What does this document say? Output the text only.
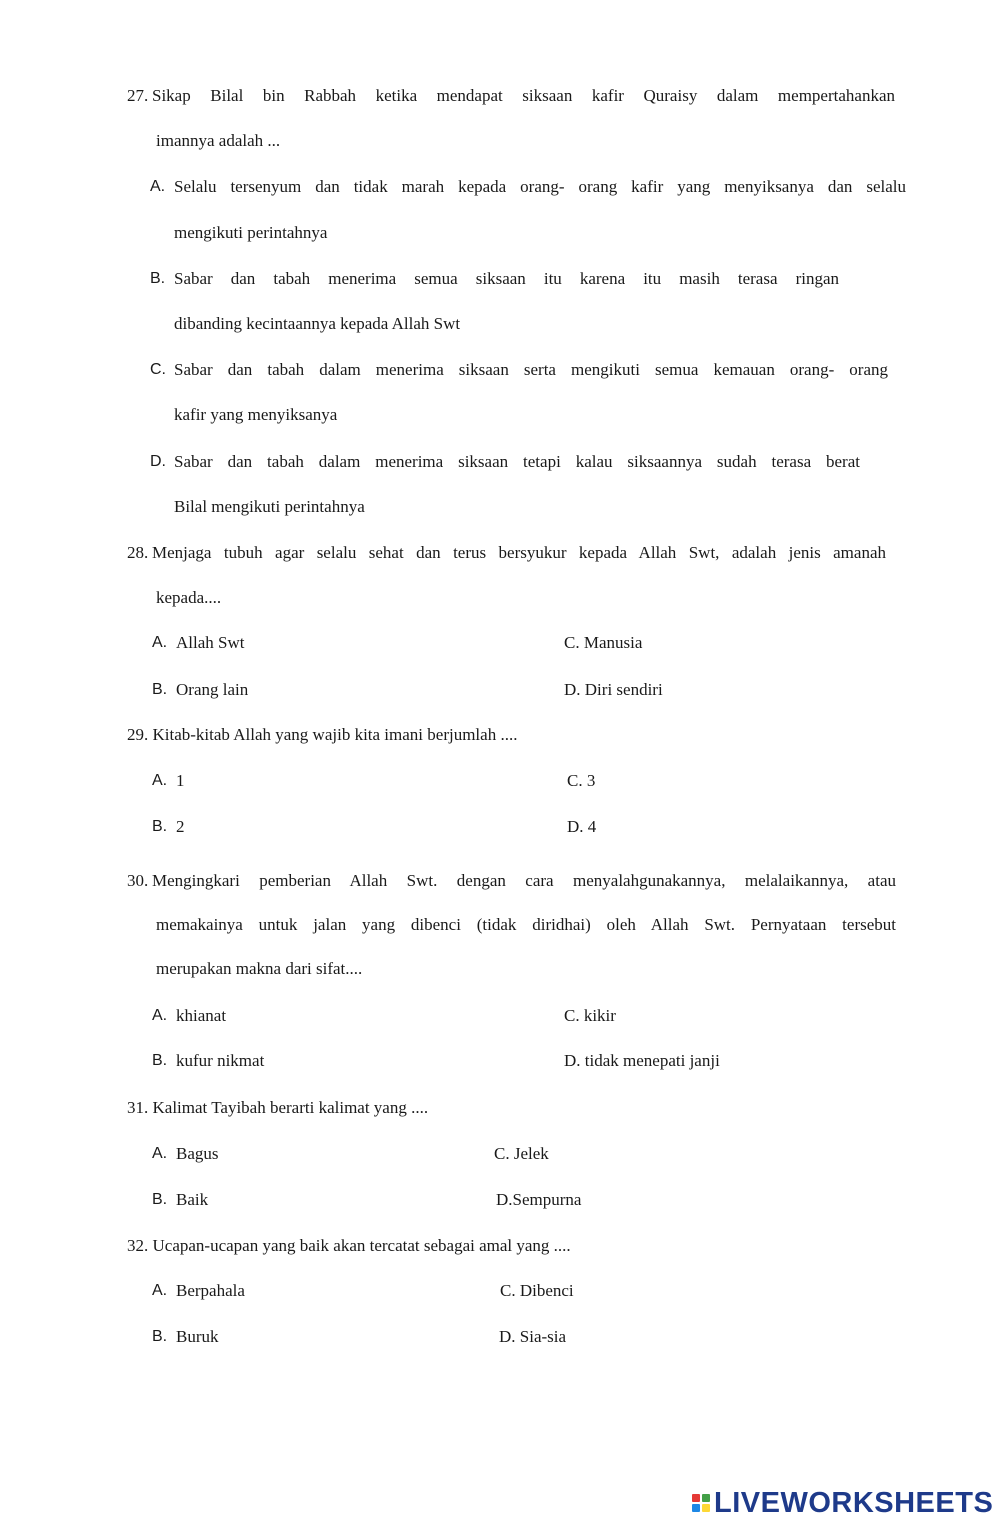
27. Sikap Bilal bin Rabbah ketika mendapat siksaan kafir Quraisy dalam mempertahankan
imannya adalah ...
A. Selalu tersenyum dan tidak marah kepada orang- orang kafir yang menyiksanya dan selalu
mengikuti perintahnya
B. Sabar dan tabah menerima semua siksaan itu karena itu masih terasa ringan
dibanding kecintaannya kepada Allah Swt
C. Sabar dan tabah dalam menerima siksaan serta mengikuti semua kemauan orang- orang
kafir yang menyiksanya
D. Sabar dan tabah dalam menerima siksaan tetapi kalau siksaannya sudah terasa berat
Bilal mengikuti perintahnya
28. Menjaga tubuh agar selalu sehat dan terus bersyukur kepada Allah Swt, adalah jenis amanah
kepada....
A. Allah Swt	C. Manusia
B. Orang lain	D. Diri sendiri
29. Kitab-kitab Allah yang wajib kita imani berjumlah ....
A. 1	C. 3
B. 2	D. 4
30. Mengingkari pemberian Allah Swt. dengan cara menyalahgunakannya, melalaikannya, atau
memakainya untuk jalan yang dibenci (tidak diridhai) oleh Allah Swt. Pernyataan tersebut
merupakan makna dari sifat....
A. khianat	C. kikir
B. kufur nikmat	D. tidak menepati janji
31. Kalimat Tayibah berarti kalimat yang ....
A. Bagus	C. Jelek
B. Baik	D.Sempurna
32. Ucapan-ucapan yang baik akan tercatat sebagai amal yang ....
A. Berpahala	C. Dibenci
B. Buruk	D. Sia-sia
LIVEWORKSHEETS
